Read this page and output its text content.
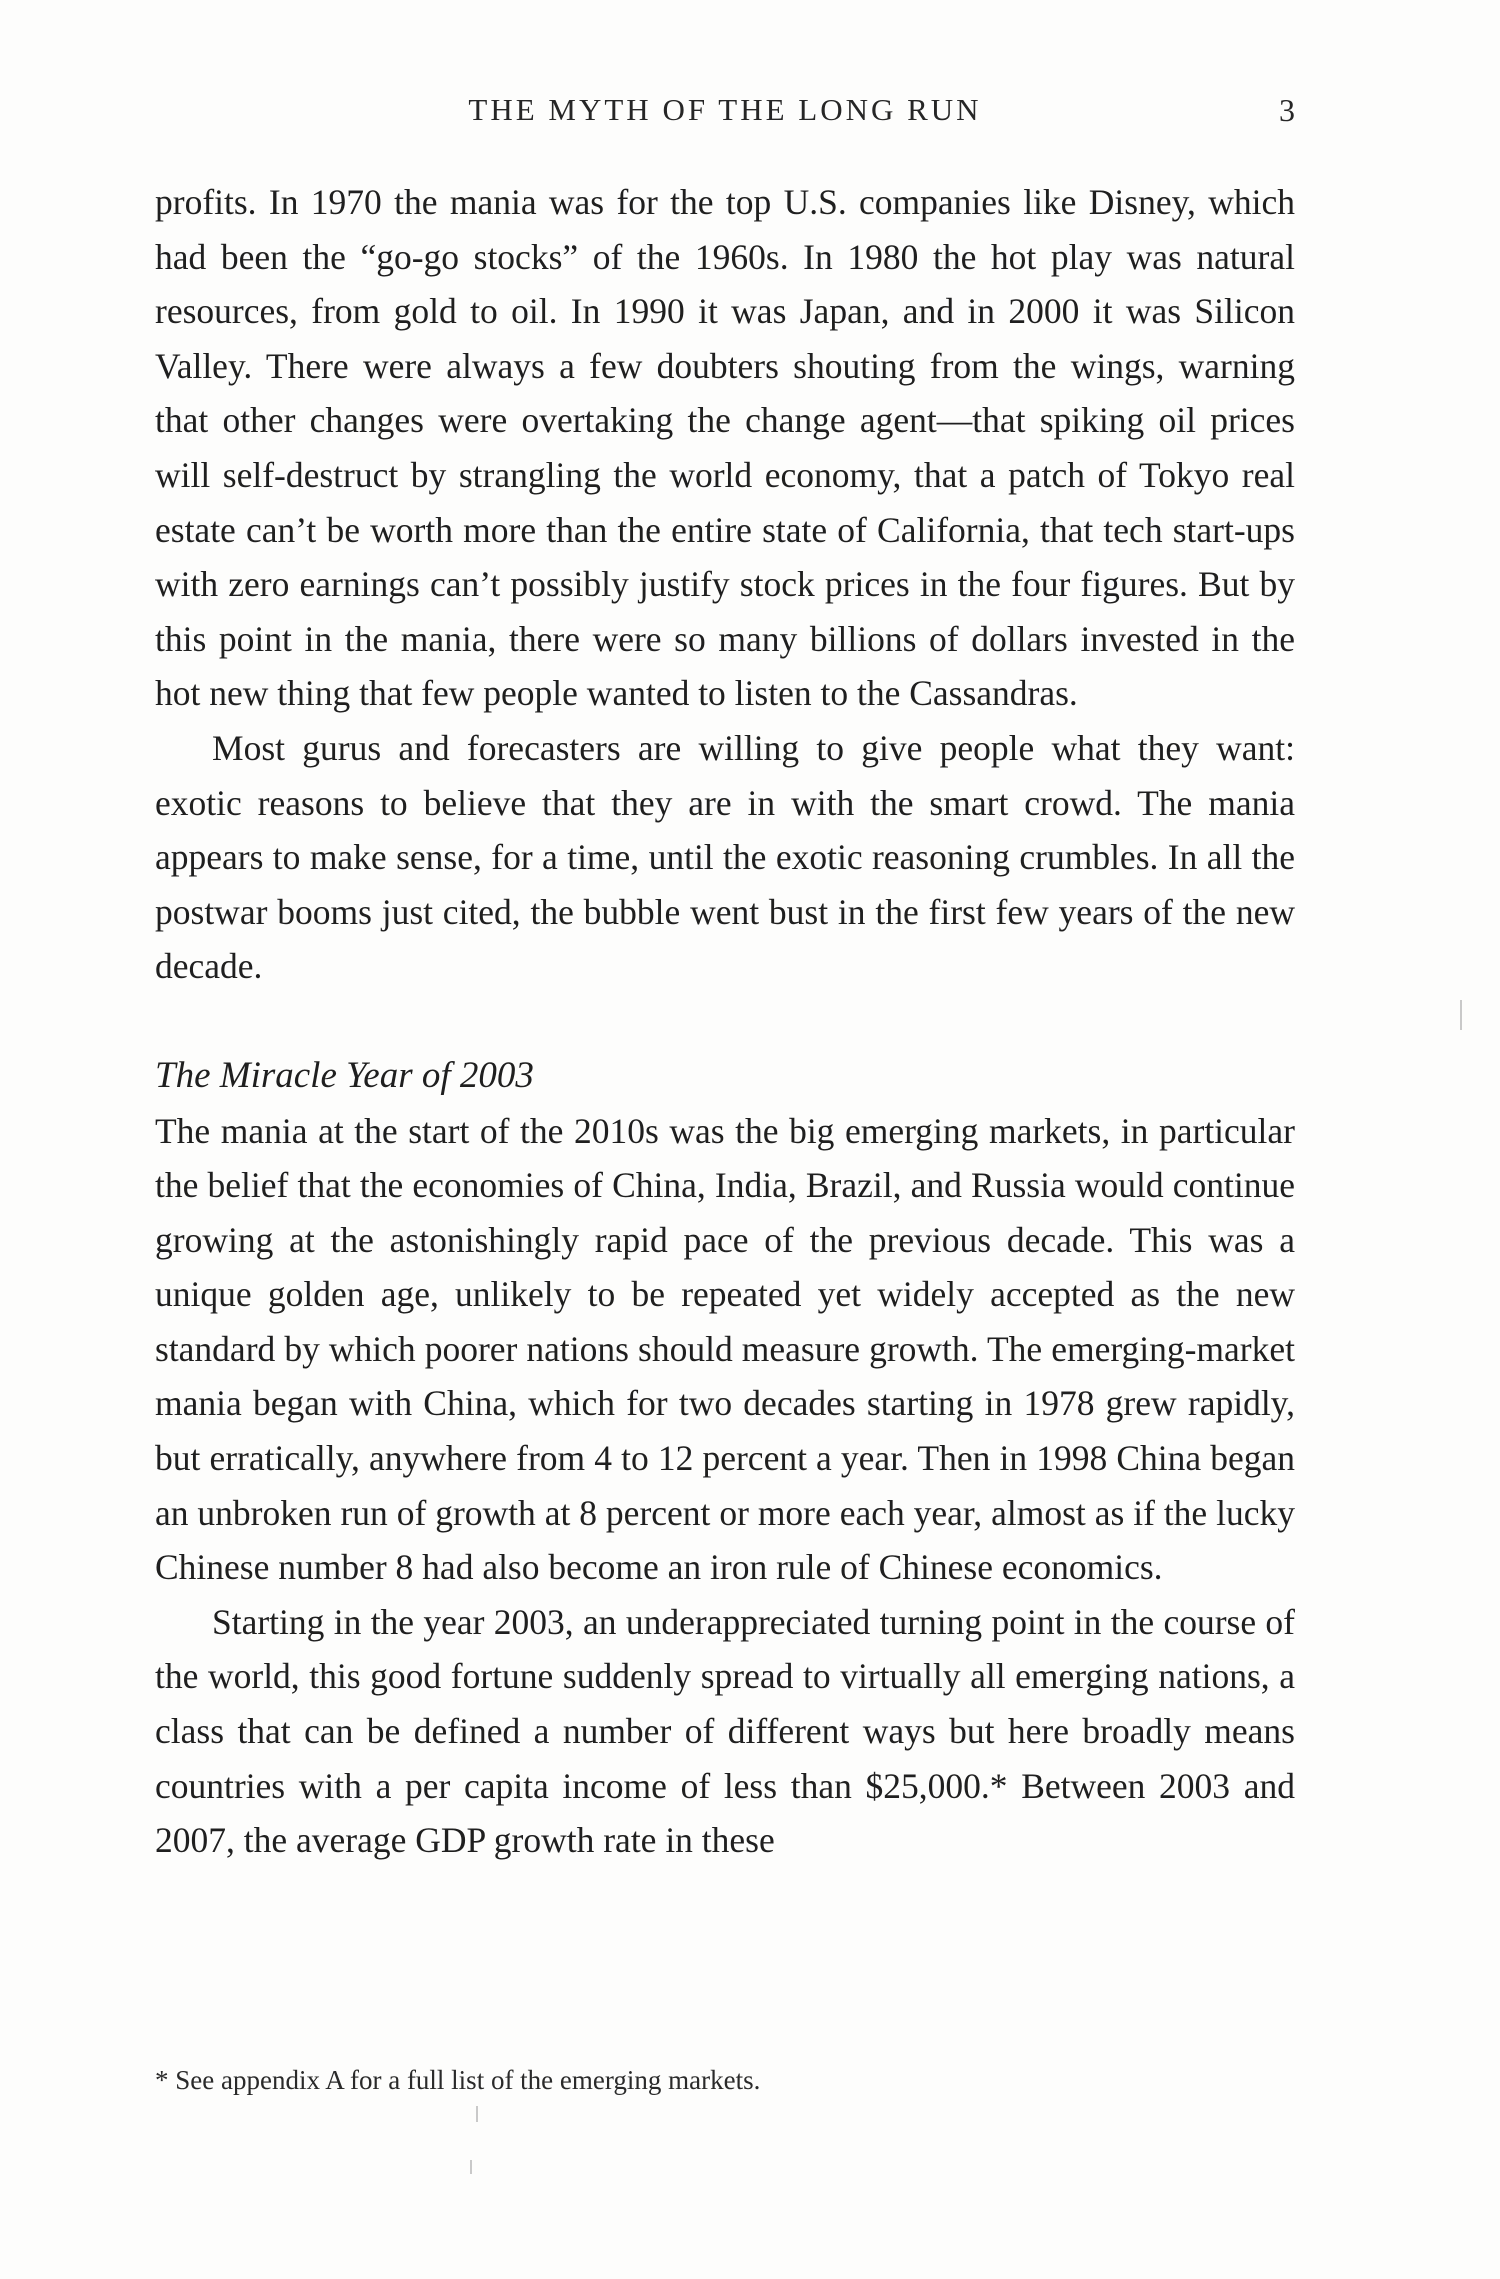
THE MYTH OF THE LONG RUN	3

profits. In 1970 the mania was for the top U.S. companies like Disney, which had been the “go-go stocks” of the 1960s. In 1980 the hot play was natural resources, from gold to oil. In 1990 it was Japan, and in 2000 it was Silicon Valley. There were always a few doubters shouting from the wings, warning that other changes were overtaking the change agent—that spiking oil prices will self-destruct by strangling the world economy, that a patch of Tokyo real estate can’t be worth more than the entire state of California, that tech start-ups with zero earnings can’t possibly justify stock prices in the four figures. But by this point in the mania, there were so many billions of dollars invested in the hot new thing that few people wanted to listen to the Cassandras.

Most gurus and forecasters are willing to give people what they want: exotic reasons to believe that they are in with the smart crowd. The mania appears to make sense, for a time, until the exotic reasoning crumbles. In all the postwar booms just cited, the bubble went bust in the first few years of the new decade.

The Miracle Year of 2003

The mania at the start of the 2010s was the big emerging markets, in particular the belief that the economies of China, India, Brazil, and Russia would continue growing at the astonishingly rapid pace of the previous decade. This was a unique golden age, unlikely to be repeated yet widely accepted as the new standard by which poorer nations should measure growth. The emerging-market mania began with China, which for two decades starting in 1978 grew rapidly, but erratically, anywhere from 4 to 12 percent a year. Then in 1998 China began an unbroken run of growth at 8 percent or more each year, almost as if the lucky Chinese number 8 had also become an iron rule of Chinese economics.

Starting in the year 2003, an underappreciated turning point in the course of the world, this good fortune suddenly spread to virtually all emerging nations, a class that can be defined a number of different ways but here broadly means countries with a per capita income of less than $25,000.* Between 2003 and 2007, the average GDP growth rate in these

* See appendix A for a full list of the emerging markets.
